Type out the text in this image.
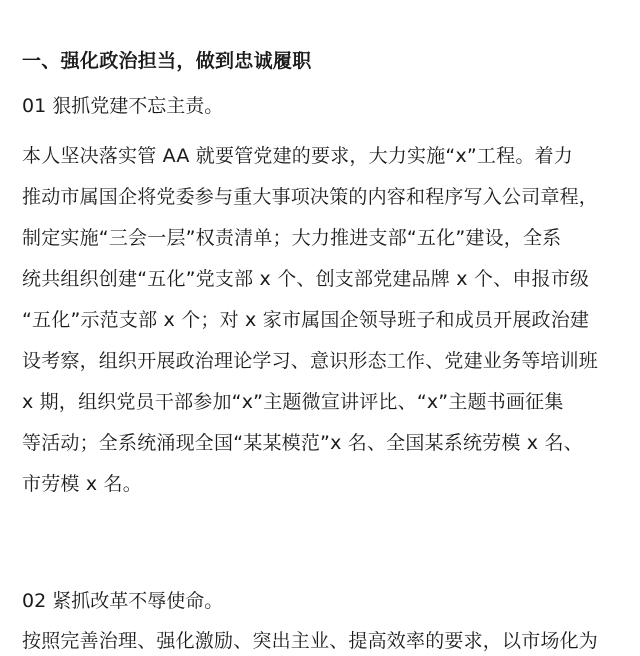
一、强化政治担当，做到忠诚履职

01 狠抓党建不忘主责。

本人坚决落实管 AA 就要管党建的要求，大力实施“x”工程。着力
推动市属国企将党委参与重大事项决策的内容和程序写入公司章程，
制定实施“三会一层”权责清单；大力推进支部“五化”建设，全系
统共组织创建“五化”党支部 x 个、创支部党建品牌 x 个、申报市级
“五化”示范支部 x 个；对 x 家市属国企领导班子和成员开展政治建
设考察，组织开展政治理论学习、意识形态工作、党建业务等培训班
x 期，组织党员干部参加“x”主题微宣讲评比、“x”主题书画征集
等活动；全系统涌现全国“某某模范”x 名、全国某系统劳模 x 名、
市劳模 x 名。

02 紧抓改革不辱使命。

按照完善治理、强化激励、突出主业、提高效率的要求，以市场化为
